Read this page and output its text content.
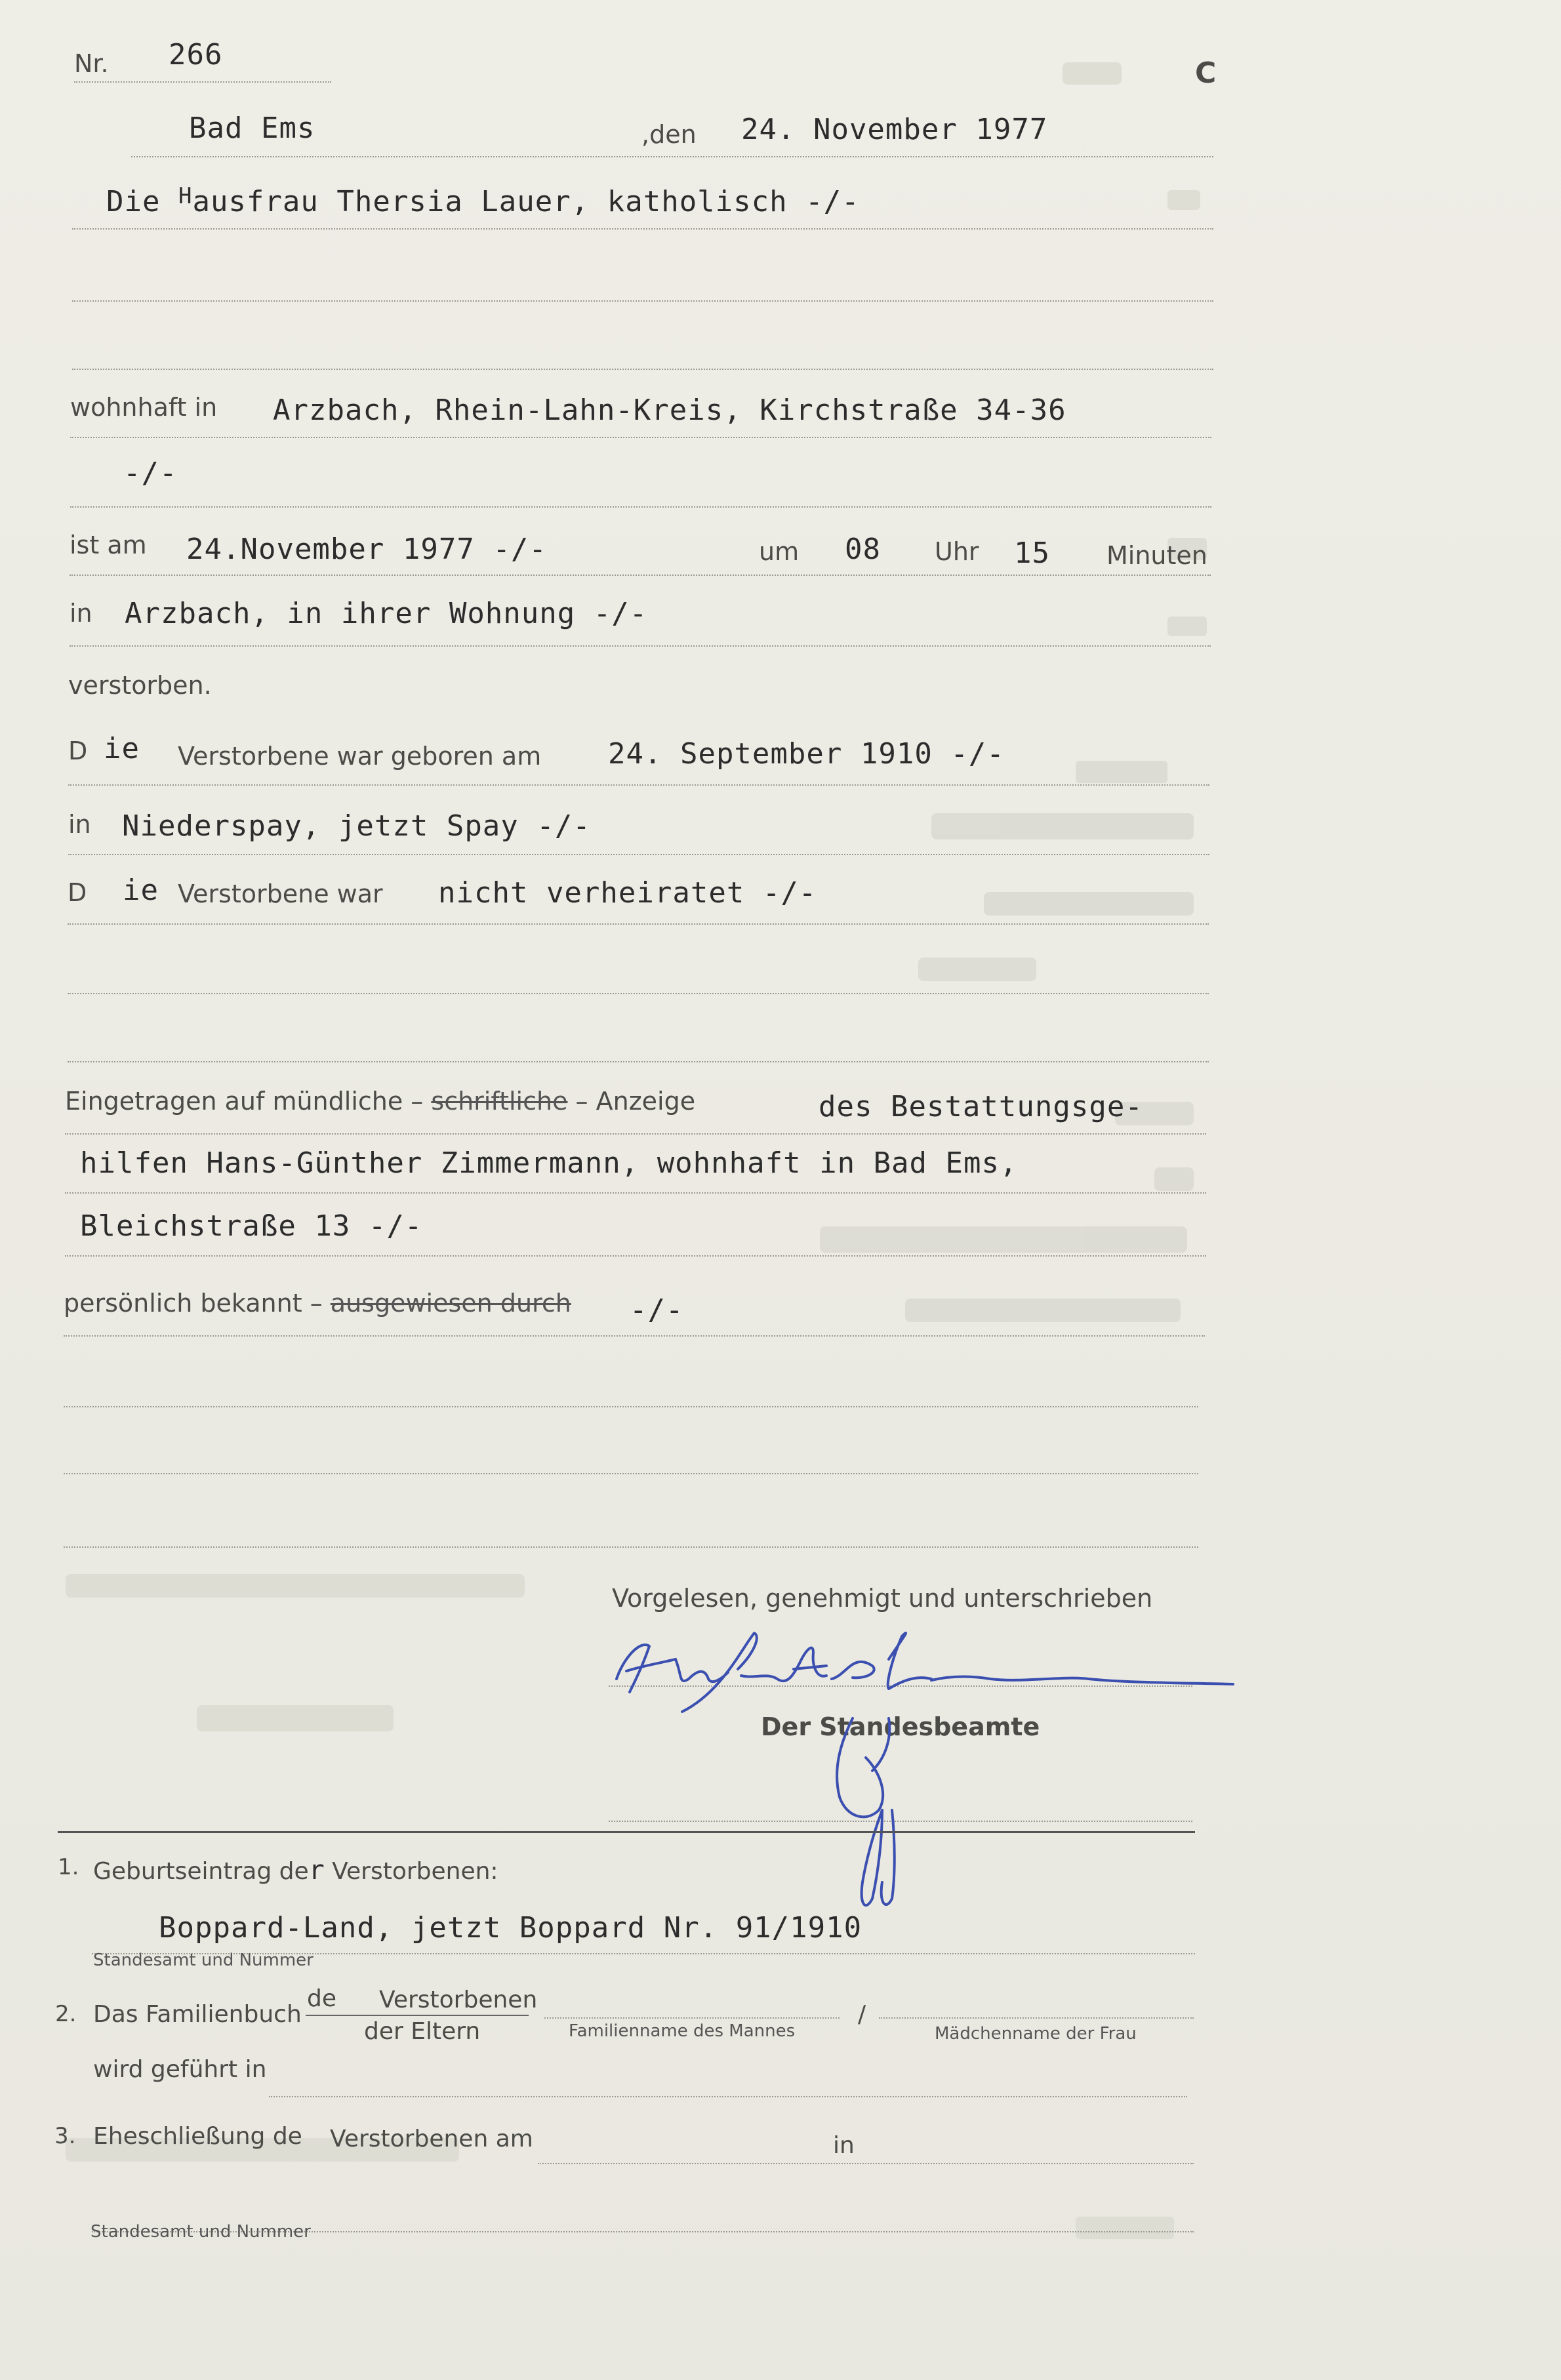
Nr. 266
C
Bad Ems	,den 24. November 1977
Die $^H$ausfrau Thersia Lauer, katholisch -/-
wohnhaft in Arzbach, Rhein-Lahn-Kreis, Kirchstraße 34-36
-/-
ist am 24.November 1977 -/-	um 08 Uhr 15 Minuten
in Arzbach, in ihrer Wohnung -/-
verstorben.
D ie Verstorbene war geboren am 24. September 1910 -/-
in Niederspay, jetzt Spay -/-
D ie Verstorbene war nicht verheiratet -/-
Eingetragen auf mündliche – schriftliche – Anzeige	des Bestattungsge-
hilfen Hans-Günther Zimmermann, wohnhaft in Bad Ems,
Bleichstraße 13 -/-
persönlich bekannt – ausgewiesen durch -/-
Vorgelesen, genehmigt und unterschrieben
Der Standesbeamte
1. Geburtseintrag der Verstorbenen:
Boppard-Land, jetzt Boppard Nr. 91/1910
Standesamt und Nummer
2. Das Familienbuch
de Verstorbenen
der Eltern	Familienname des Mannes
/
Mädchenname der Frau
wird geführt in
3. Eheschließung de Verstorbenen am	in
Standesamt und Nummer
